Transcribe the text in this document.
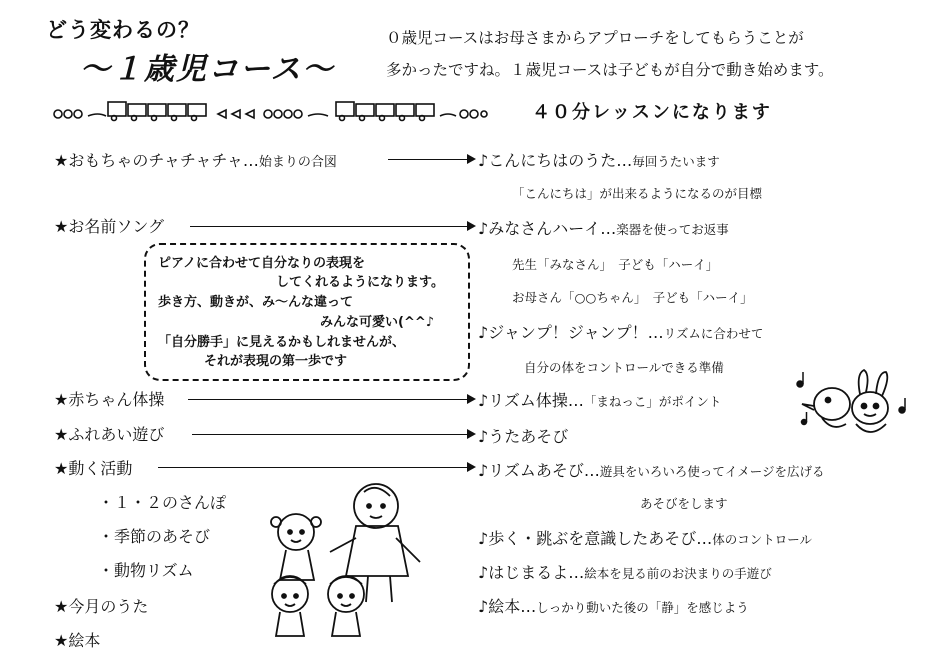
どう変わるの？
～１歳児コース～
０歳児コースはお母さまからアプローチをしてもらうことが
多かったですね。１歳児コースは子どもが自分で動き始めます。
４０分レッスンになります
★おもちゃのチャチャチャ…始まりの合図
★お名前ソング
★赤ちゃん体操
★ふれあい遊び
★動く活動
・１・２のさんぽ
・季節のあそび
・動物リズム
★今月のうた
★絵本
ピアノに合わせて自分なりの表現を
してくれるようになります。
歩き方、動きが、み～んな違って
みんな可愛い(^^♪
「自分勝手」に見えるかもしれませんが、
それが表現の第一歩です
♪こんにちはのうた…毎回うたいます
「こんにちは」が出来るようになるのが目標
♪みなさんハーイ…楽器を使ってお返事
先生「みなさん」　子ども「ハーイ」
お母さん「○○ちゃん」　子ども「ハーイ」
♪ジャンプ！ジャンプ！…リズムに合わせて
自分の体をコントロールできる準備
♪リズム体操…「まねっこ」がポイント
♪うたあそび
♪リズムあそび…遊具をいろいろ使ってイメージを広げる
あそびをします
♪歩く・跳ぶを意識したあそび…体のコントロール
♪はじまるよ…絵本を見る前のお決まりの手遊び
♪絵本…しっかり動いた後の「静」を感じよう
